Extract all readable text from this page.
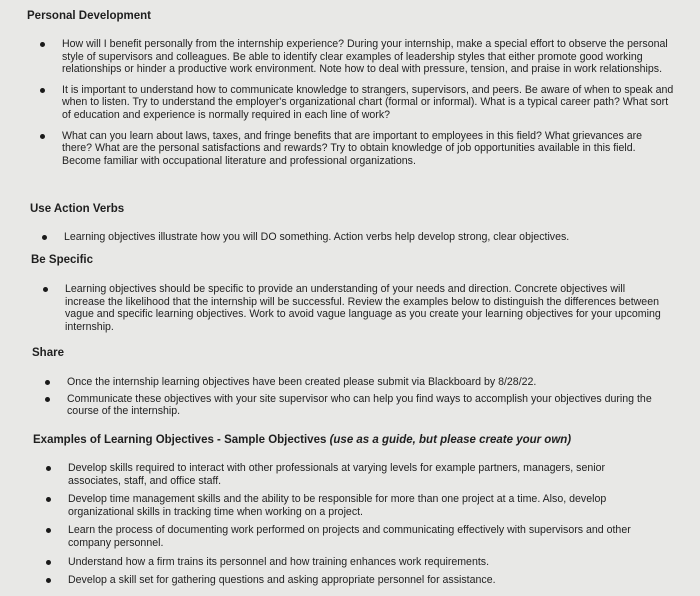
Personal Development

How will I benefit personally from the internship experience? During your internship, make a special effort to observe the personal style of supervisors and colleagues. Be able to identify clear examples of leadership styles that either promote good working relationships or hinder a productive work environment. Note how to deal with pressure, tension, and praise in work relationships.

It is important to understand how to communicate knowledge to strangers, supervisors, and peers. Be aware of when to speak and when to listen. Try to understand the employer's organizational chart (formal or informal). What is a typical career path? What sort of education and experience is normally required in each line of work?

What can you learn about laws, taxes, and fringe benefits that are important to employees in this field? What grievances are there? What are the personal satisfactions and rewards? Try to obtain knowledge of job opportunities available in this field. Become familiar with occupational literature and professional organizations.

Use Action Verbs

Learning objectives illustrate how you will DO something. Action verbs help develop strong, clear objectives.

Be Specific

Learning objectives should be specific to provide an understanding of your needs and direction. Concrete objectives will increase the likelihood that the internship will be successful. Review the examples below to distinguish the differences between vague and specific learning objectives. Work to avoid vague language as you create your learning objectives for your upcoming internship.

Share

Once the internship learning objectives have been created please submit via Blackboard by 8/28/22.

Communicate these objectives with your site supervisor who can help you find ways to accomplish your objectives during the course of the internship.

Examples of Learning Objectives - Sample Objectives (use as a guide, but please create your own)

Develop skills required to interact with other professionals at varying levels for example partners, managers, senior associates, staff, and office staff.

Develop time management skills and the ability to be responsible for more than one project at a time. Also, develop organizational skills in tracking time when working on a project.

Learn the process of documenting work performed on projects and communicating effectively with supervisors and other company personnel.

Understand how a firm trains its personnel and how training enhances work requirements.

Develop a skill set for gathering questions and asking appropriate personnel for assistance.
